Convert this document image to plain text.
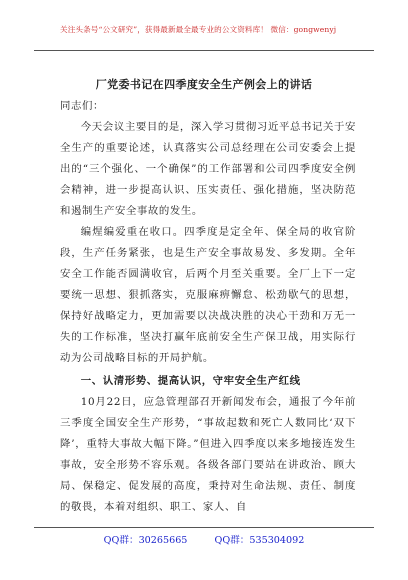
关注头条号“公文研究”，获得最新最全最专业的公文资料库！ 微信：gongwenyj
厂党委书记在四季度安全生产例会上的讲话

同志们：

今天会议主要目的是，深入学习贯彻习近平总书记关于安全生产的重要论述，认真落实公司总经理在公司安委会上提出的“三个强化、一个确保”的工作部署和公司四季度安全例会精神，进一步提高认识、压实责任、强化措施，坚决防范和遏制生产安全事故的发生。

编煋编爱重在收口。四季度是定全年、保全局的收官阶段，生产任务紧张，也是生产安全事故易发、多发期。全年安全工作能否圆满收官，后两个月至关重要。全厂上下一定要统一思想、狠抓落实，克服麻痹懈怠、松劲歇气的思想，保持好战略定力，更加需要以决战决胜的决心干劲和万无一失的工作标准，坚决打赢年底前安全生产保卫战，用实际行动为公司战略目标的开局护航。

一、认清形势、提高认识，守牢安全生产红线

10月22日，应急管理部召开新闻发布会，通报了今年前三季度全国安全生产形势，“事故起数和死亡人数同比‘双下降’，重特大事故大幅下降。”但进入四季度以来多地接连发生事故，安全形势不容乐观。各级各部门要站在讲政治、顾大局、保稳定、促发展的高度，秉持对生命法规、责任、制度的敬畏，本着对组织、职工、家人、自

QQ群：30265665	QQ群：535304092
